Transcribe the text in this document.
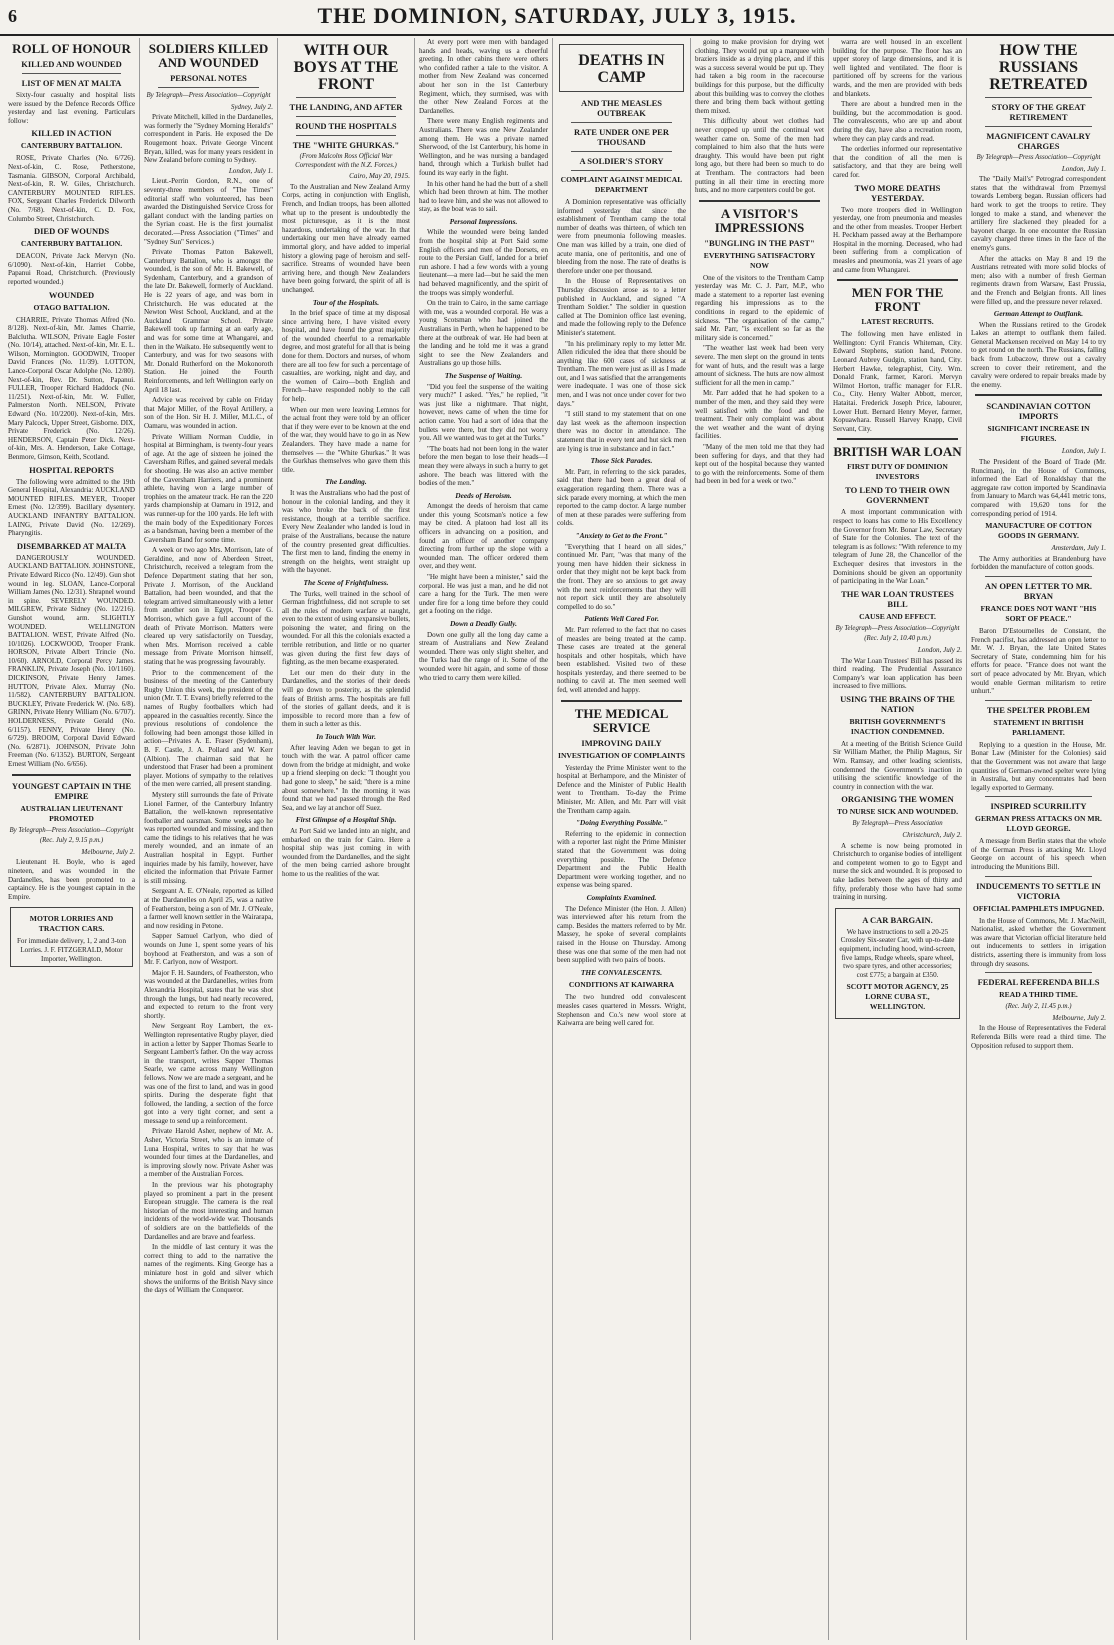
6	THE DOMINION, SATURDAY, JULY 3, 1915.
ROLL OF HONOUR
KILLED AND WOUNDED
LIST OF MEN AT MALTA

Sixty-four casualty and hospital lists were issued by the Defence Records Office yesterday and last evening. Particulars follow:

KILLED IN ACTION
CANTERBURY BATTALION.

ROSE, Private Charles (No. 6/726). Next-of-kin, C. Rose, Petherstone, Tasmania. GIBSON, Corporal Archibald, Next-of-kin, R. W. Giles, Christchurch. CANTERBURY MOUNTED RIFLES. FOX, Sergeant Charles Frederick Dilworth (No. 7/68). Next-of-kin, C. D. Fox, Columbo Street, Christchurch.

DIED OF WOUNDS
CANTERBURY BATTALION.

DEACON, Private Jack Mervyn (No. 6/1090). Next-of-kin, Harriet Cobbe, Papanui Road, Christchurch. (Previously reported wounded.)

WOUNDED
OTAGO BATTALION.

CHARRIE, Private Thomas Alfred (No. 8/128). Next-of-kin, Mr. James Charrie, Balclutha. WILSON, Private Eagle Foster (No. 10/14), attached. Next-of-kin, Mr. E. L. Wilson, Mornington. GOODWIN, Trooper David Frances (No. 11/39). LOTTON, Lance-Corporal Oscar Adolphe (No. 12/80). Next-of-kin, Rev. Dr. Sutton, Papanui. FULLER, Trooper Richard Haddock (No. 11/251). Next-of-kin, Mr. W. Fuller, Palmerston North. NELSON, Private Edward (No. 10/2200). Next-of-kin, Mrs. Mary Palcock, Upper Street, Gisborne. DIX, Private Frederick (No. 12/26). HENDERSON, Captain Peter Dick. Next-of-kin, Mrs. A. Henderson, Lake Cottage, Benmore, Gimson, Keith, Scotland.

HOSPITAL REPORTS

The following were admitted to the 19th General Hospital, Alexandria: AUCKLAND MOUNTED RIFLES. MEYER, Trooper Ernest (No. 12/399). Bacillary dysentery. AUCKLAND INFANTRY BATTALION. LAING, Private David (No. 12/269). Pharyngitis.

DISEMBARKED AT MALTA

DANGEROUSLY WOUNDED. AUCKLAND BATTALION. JOHNSTONE, Private Edward Ricco (No. 12/49). Gun shot wound in leg. SLOAN, Lance-Corporal William James (No. 12/31). Shrapnel wound in spine. SEVERELY WOUNDED. MILGREW, Private Sidney (No. 12/216). Gunshot wound, arm. SLIGHTLY WOUNDED. WELLINGTON BATTALION. WEST, Private Alfred (No. 10/1026). LOCKWOOD, Trooper Frank. HORSON, Private Albert Trincie (No. 10/60). ARNOLD, Corporal Percy James. FRANKLIN, Private Joseph (No. 10/1160). DICKINSON, Private Henry James. HUTTON, Private Alex. Murray (No. 11/582). CANTERBURY BATTALION. BUCKLEY, Private Frederick W. (No. 6/8). GRINN, Private Henry William (No. 6/707). HOLDERNESS, Private Gerald (No. 6/1157). FENNY, Private Henry (No. 6/729). BROOM, Corporal David Edward (No. 6/2871). JOHNSON, Private John Freeman (No. 6/1352). BURTON, Sergeant Ernest William (No. 6/656).

YOUNGEST CAPTAIN IN THE EMPIRE
AUSTRALIAN LIEUTENANT PROMOTED
By Telegraph—Press Association—Copyright
(Rec. July 2, 9.15 p.m.)
Melbourne, July 2.

Lieutenant H. Boyle, who is aged nineteen, and was wounded in the Dardanelles, has been promoted to a captaincy. He is the youngest captain in the Empire.

MOTOR LORRIES AND TRACTION CARS.
For immediate delivery, 1, 2 and 3-ton Lorries. J. F. FITZGERALD, Motor Importer, Wellington.
SOLDIERS KILLED AND WOUNDED
PERSONAL NOTES
By Telegraph—Press Association—Copyright
Sydney, July 2.

Private Mitchell, killed in the Dardanelles, was formerly the "Sydney Morning Herald's" correspondent in Paris. He exposed the De Rougemont hoax. Private George Vincent Bryan, killed, was for many years resident in New Zealand before coming to Sydney.

London, July 1.

Lieut.-Perrin Gordon, R.N., one of seventy-three members of "The Times" editorial staff who volunteered, has been awarded the Distinguished Service Cross for gallant conduct with the landing parties on the Syrian coast. He is the first journalist decorated.—Press Association ("Times" and "Sydney Sun" Services.)

Private Thomas Patton Bakewell, Canterbury Battalion, who is amongst the wounded, is the son of Mr. H. Bakewell, of Sydenham, Canterbury, and a grandson of the late Dr. Bakewell, formerly of Auckland. He is 22 years of age, and was born in Christchurch. He was educated at the Newton West School, Auckland, and at the Auckland Grammar School. Private Bakewell took up farming at an early age, and was for some time at Whangarei, and then in the Waikato. He subsequently went to Canterbury, and was for two seasons with Mr. Donald Rutherford on the Mokonoroth Station. He joined the Fourth Reinforcements, and left Wellington early on April 18 last.

Advice was received by cable on Friday that Major Miller, of the Royal Artillery, a son of the Hon. Sir H. J. Miller, M.L.C., of Oamaru, was wounded in action.

Private William Norman Cuddie, in hospital at Birmingham, is twenty-four years of age. At the age of sixteen he joined the Caversham Rifles, and gained several medals for shooting. He was also an active member of the Caversham Harriers, and a prominent athlete, having won a large number of trophies on the amateur track. He ran the 220 yards championship at Oamaru in 1912, and was runner-up for the 100 yards. He left with the main body of the Expeditionary Forces as a bandsman, having been a member of the Caversham Band for some time.

A week or two ago Mrs. Morrison, late of Geraldine, and now of Aberdeen Street, Christchurch, received a telegram from the Defence Department stating that her son, Private J. Morrison, of the Auckland Battalion, had been wounded, and that the telegram arrived simultaneously with a letter from another son in Egypt, Trooper G. Morrison, which gave a full account of the death of Private Morrison. Matters were cleared up very satisfactorily on Tuesday, when Mrs. Morrison received a cable message from Private Morrison himself, stating that he was progressing favourably.

Prior to the commencement of the business of the meeting of the Canterbury Rugby Union this week, the president of the union (Mr. T. T. Evans) briefly referred to the names of Rugby footballers which had appeared in the casualties recently. Since the previous resolutions of condolence the following had been amongst those killed in action—Privates A. E. Fraser (Sydenham), B. F. Castle, J. A. Pollard and W. Kerr (Albion). The chairman said that he understood that Fraser had been a prominent player. Motions of sympathy to the relatives of the men were carried, all present standing.

Mystery still surrounds the fate of Private Lionel Farmer, of the Canterbury Infantry Battalion, the well-known representative footballer and oarsman. Some weeks ago he was reported wounded and missing, and then came the tidings to his relatives that he was merely wounded, and an inmate of an Australian hospital in Egypt. Further inquiries made by his family, however, have elicited the information that Private Farmer is still missing.

Sergeant A. E. O'Neale, reported as killed at the Dardanelles on April 25, was a native of Featherston, being a son of Mr. J. O'Neale, a farmer well known settler in the Wairarapa, and now residing in Petone.

Sapper Samuel Carlyon, who died of wounds on June 1, spent some years of his boyhood at Featherston, and was a son of Mr. F. Carlyon, now of Westport.

Major F. H. Saunders, of Featherston, who was wounded at the Dardanelles, writes from Alexandria Hospital, states that he was shot through the lungs, but had nearly recovered, and expected to return to the front very shortly.

New Sergeant Roy Lambert, the ex-Wellington representative Rugby player, died in action a letter by Sapper Thomas Searle to Sergeant Lambert's father. On the way across in the transport, writes Sapper Thomas Searle, we came across many Wellington fellows. Now we are made a sergeant, and he was one of the first to land, and was in good spirits. During the desperate fight that followed, the landing, a section of the force got into a very tight corner, and sent a message to send up a reinforcement.

Private Harold Asher, nephew of Mr. A. Asher, Victoria Street, who is an inmate of Luna Hospital, writes to say that he was wounded four times at the Dardanelles, and is improving slowly now. Private Asher was a member of the Australian Forces.

In the previous war his photography played so prominent a part in the present European struggle. The camera is the real historian of the most interesting and human incidents of the world-wide war. Thousands of soldiers are on the battlefields of the Dardanelles and are brave and fearless.

In the middle of last century it was the correct thing to add to the narrative the names of the regiments. King George has a miniature host in gold and silver which shows the uniforms of the British Navy since the days of William the Conqueror.

WITH OUR BOYS AT THE FRONT
THE LANDING, AND AFTER
ROUND THE HOSPITALS
THE "WHITE GHURKAS."
(From Malcolm Ross Official War Correspondent with the N.Z. Forces.)
Cairo, May 20, 1915.

To the Australian and New Zealand Army Corps, acting in conjunction with English, French, and Indian troops, has been allotted what up to the present is undoubtedly the most picturesque, as it is the most hazardous, undertaking of the war. In that undertaking our men have already earned immortal glory, and have added to imperial history a glowing page of heroism and self-sacrifice. Streams of wounded have been arriving here, and though New Zealanders have been going forward, the spirit of all is unchanged.

Tour of the Hospitals.

In the brief space of time at my disposal since arriving here, I have visited every hospital, and have found the great majority of the wounded cheerful to a remarkable degree, and most grateful for all that is being done for them. Doctors and nurses, of whom there are all too few for such a percentage of casualties, are working, night and day, and the women of Cairo—both English and French—have responded nobly to the call for help.

When our men were leaving Lemnos for the actual front they were told by an officer that if they were ever to be known at the end of the war, they would have to go in as New Zealanders. They have made a name for themselves — the "White Ghurkas." It was the Gurkhas themselves who gave them this title.

The Landing.

It was the Australians who had the post of honour in the colonial landing, and they it was who broke the back of the first resistance, though at a terrible sacrifice. Every New Zealander who landed is loud in praise of the Australians, because the nature of the country presented great difficulties. The first men to land, finding the enemy in strength on the heights, went straight up with the bayonet.

The Scene of Frightfulness.

The Turks, well trained in the school of German frightfulness, did not scruple to set all the rules of modern warfare at naught, even to the extent of using expansive bullets, poisoning the water, and firing on the wounded. For all this the colonials exacted a terrible retribution, and little or no quarter was given during the first few days of fighting, as the men became exasperated.

Let our men do their duty in the Dardanelles, and the stories of their deeds will go down to posterity, as the splendid feats of British arms. The hospitals are full of the stories of gallant deeds, and it is impossible to record more than a few of them in such a letter as this.

In Touch With War.

After leaving Aden we began to get in touch with the war. A patrol officer came down from the bridge at midnight, and woke up a friend sleeping on deck: "I thought you had gone to sleep," he said; "there is a mine about somewhere." In the morning it was found that we had passed through the Red Sea, and we lay at anchor off Suez.

First Glimpse of a Hospital Ship.

At Port Said we landed into an night, and embarked on the train for Cairo. Here a hospital ship was just coming in with wounded from the Dardanelles, and the sight of the men being carried ashore brought home to us the realities of the war.

At every port were men with bandaged hands and heads, waving us a cheerful greeting. In other cabins there were others who confided rather a tale to the visitor. A mother from New Zealand was concerned about her son in the 1st Canterbury Regiment, which, they surmised, was with the other New Zealand Forces at the Dardanelles.

There were many English regiments and Australians. There was one New Zealander among them. He was a private named Sherwood, of the 1st Canterbury, his home in Wellington, and he was nursing a bandaged hand, through which a Turkish bullet had found its way early in the fight.

In his other hand he had the butt of a shell which had been thrown at him. The mother had to leave him, and she was not allowed to stay, as the boat was to sail.

Personal Impressions.

While the wounded were being landed from the hospital ship at Port Said some English officers and men of the Dorsets, en route to the Persian Gulf, landed for a brief run ashore. I had a few words with a young lieutenant—a mere lad—but he said the men had behaved magnificently, and the spirit of the troops was simply wonderful.

On the train to Cairo, in the same carriage with me, was a wounded corporal. He was a young Scotsman who had joined the Australians in Perth, when he happened to be there at the outbreak of war. He had been at the landing and he told me it was a grand sight to see the New Zealanders and Australians go up those hills.

The Suspense of Waiting.

"Did you feel the suspense of the waiting very much?" I asked. "Yes," he replied, "it was just like a nightmare. That night, however, news came of when the time for action came. You had a sort of idea that the bullets were there, but they did not worry you. All we wanted was to get at the Turks."

"The boats had not been long in the water before the men began to lose their heads—I mean they were always in such a hurry to get ashore. The beach was littered with the bodies of the men."

Deeds of Heroism.

Amongst the deeds of heroism that came under this young Scotsman's notice a few may be cited. A platoon had lost all its officers in advancing on a position, and found an officer of another company directing from further up the slope with a wounded man. The officer ordered them over, and they went.

"He might have been a minister," said the corporal. He was just a man, and he did not care a hang for the Turk. The men were under fire for a long time before they could get a footing on the ridge.

Down a Deadly Gully.

Down one gully all the long day came a stream of Australians and New Zealand wounded. There was only slight shelter, and the Turks had the range of it. Some of the wounded were hit again, and some of those who tried to carry them were killed.

DEATHS IN CAMP
AND THE MEASLES OUTBREAK
RATE UNDER ONE PER THOUSAND
A SOLDIER'S STORY
COMPLAINT AGAINST MEDICAL DEPARTMENT

A Dominion representative was officially informed yesterday that since the establishment of Trentham camp the total number of deaths was thirteen, of which ten were from pneumonia following measles. One man was killed by a train, one died of acute mania, one of peritonitis, and one of bleeding from the nose. The rate of deaths is therefore under one per thousand.

In the House of Representatives on Thursday discussion arose as to a letter published in Auckland, and signed "A Trentham Soldier." The soldier in question called at The Dominion office last evening, and made the following reply to the Defence Minister's statement.

"In his preliminary reply to my letter Mr. Allen ridiculed the idea that there should be anything like 600 cases of sickness at Trentham. The men were just as ill as I made out, and I was satisfied that the arrangements were inadequate. I was one of those sick men, and I was not once under cover for two days."

"I still stand to my statement that on one day last week as the afternoon inspection there was no doctor in attendance. The statement that in every tent and hut sick men are lying is true in substance and in fact."

Those Sick Parades.

Mr. Parr, in referring to the sick parades, said that there had been a great deal of exaggeration regarding them. There was a sick parade every morning, at which the men reported to the camp doctor. A large number of men at these parades were suffering from colds.

"Anxiety to Get to the Front."

"Everything that I heard on all sides," continued Mr. Parr, "was that many of the young men have hidden their sickness in order that they might not be kept back from the front. They are so anxious to get away with the next reinforcements that they will not report sick until they are absolutely compelled to do so."

Patients Well Cared For.

Mr. Parr referred to the fact that no cases of measles are being treated at the camp. These cases are treated at the general hospitals and other hospitals, which have been established. Visited two of these hospitals yesterday, and there seemed to be nothing to cavil at. The men seemed well fed, well attended and happy.

THE MEDICAL SERVICE
IMPROVING DAILY
INVESTIGATION OF COMPLAINTS

Yesterday the Prime Minister went to the hospital at Berhampore, and the Minister of Defence and the Minister of Public Health went to Trentham. To-day the Prime Minister, Mr. Allen, and Mr. Parr will visit the Trentham camp again.

"Doing Everything Possible."

Referring to the epidemic in connection with a reporter last night the Prime Minister stated that the Government was doing everything possible. The Defence Department and the Public Health Department were working together, and no expense was being spared.

Complaints Examined.

The Defence Minister (the Hon. J. Allen) was interviewed after his return from the camp. Besides the matters referred to by Mr. Massey, he spoke of several complaints raised in the House on Thursday. Among these was one that some of the men had not been supplied with two pairs of boots.

THE CONVALESCENTS.
CONDITIONS AT KAIWARRA

The two hundred odd convalescent measles cases quartered in Messrs. Wright, Stephenson and Co.'s new wool store at Kaiwarra are being well cared for.

going to make provision for drying wet clothing. They would put up a marquee with braziers inside as a drying place, and if this was a success several would be put up. They had taken a big room in the racecourse buildings for this purpose, but the difficulty about this building was to convey the clothes there and bring them back without getting them mixed.

This difficulty about wet clothes had never cropped up until the continual wet weather came on. Some of the men had complained to him also that the huts were draughty. This would have been put right long ago, but there had been so much to do at Trentham. The contractors had been putting in all their time in erecting more huts, and no more carpenters could be got.

A VISITOR'S IMPRESSIONS
"BUNGLING IN THE PAST"
EVERYTHING SATISFACTORY NOW

One of the visitors to the Trentham Camp yesterday was Mr. C. J. Parr, M.P., who made a statement to a reporter last evening regarding his impressions as to the conditions in regard to the epidemic of sickness. "The organisation of the camp," said Mr. Parr, "is excellent so far as the military side is concerned."

"The weather last week had been very severe. The men slept on the ground in tents for want of huts, and the result was a large amount of sickness. The huts are now almost sufficient for all the men in camp."

Mr. Parr added that he had spoken to a number of the men, and they said they were well satisfied with the food and the treatment. Their only complaint was about the wet weather and the want of drying facilities.

"Many of the men told me that they had been suffering for days, and that they had kept out of the hospital because they wanted to go with the reinforcements. Some of them had been in bed for a week or two."

warra are well housed in an excellent building for the purpose. The floor has an upper storey of large dimensions, and it is well lighted and ventilated. The floor is partitioned off by screens for the various wards, and the men are provided with beds and blankets.

There are about a hundred men in the building, but the accommodation is good. The convalescents, who are up and about during the day, have also a recreation room, where they can play cards and read.

The orderlies informed our representative that the condition of all the men is satisfactory, and that they are being well cared for.

TWO MORE DEATHS YESTERDAY.

Two more troopers died in Wellington yesterday, one from pneumonia and measles and the other from measles. Trooper Herbert H. Peckham passed away at the Berhampore Hospital in the morning. Deceased, who had been suffering from a complication of measles and pneumonia, was 21 years of age and came from Whangarei.

MEN FOR THE FRONT
LATEST RECRUITS.

The following men have enlisted in Wellington: Cyril Francis Whiteman, City. Edward Stephens, station hand, Petone. Leonard Aubrey Gudgin, station hand, City. Herbert Hawke, telegraphist, City. Wm. Donald Frank, farmer, Karori. Mervyn Wilmot Horton, traffic manager for F.I.R. Co., City. Henry Walter Abbott, mercer, Hataitai. Frederick Joseph Price, labourer, Lower Hutt. Bernard Henry Meyer, farmer, Kopuawhara. Russell Harvey Knapp, Civil Servant, City.

BRITISH WAR LOAN
FIRST DUTY OF DOMINION INVESTORS
TO LEND TO THEIR OWN GOVERNMENT

A most important communication with respect to loans has come to His Excellency the Governor from Mr. Bonar Law, Secretary of State for the Colonies. The text of the telegram is as follows: "With reference to my telegram of June 28, the Chancellor of the Exchequer desires that investors in the Dominions should be given an opportunity of participating in the War Loan."

THE WAR LOAN TRUSTEES BILL
CAUSE AND EFFECT.
By Telegraph—Press Association—Copyright
(Rec. July 2, 10.40 p.m.)
London, July 2.

The War Loan Trustees' Bill has passed its third reading. The Prudential Assurance Company's war loan application has been increased to five millions.

USING THE BRAINS OF THE NATION
BRITISH GOVERNMENT'S INACTION CONDEMNED.

At a meeting of the British Science Guild Sir William Mather, the Philip Magnus, Sir Wm. Ramsay, and other leading scientists, condemned the Government's inaction in utilising the scientific knowledge of the country in connection with the war.

ORGANISING THE WOMEN
TO NURSE SICK AND WOUNDED.
By Telegraph—Press Association
Christchurch, July 2.

A scheme is now being promoted in Christchurch to organise bodies of intelligent and competent women to go to Egypt and nurse the sick and wounded. It is proposed to take ladies between the ages of thirty and fifty, preferably those who have had some training in nursing.

A CAR BARGAIN.
We have instructions to sell a 20-25 Crossley Six-seater Car, with up-to-date equipment, including hood, wind-screen, five lamps, Rudge wheels, spare wheel, two spare tyres, and other accessories; cost £775; a bargain at £350.
SCOTT MOTOR AGENCY, 25 LORNE CUBA ST., WELLINGTON.
HOW THE RUSSIANS RETREATED
STORY OF THE GREAT RETIREMENT
MAGNIFICENT CAVALRY CHARGES
By Telegraph—Press Association—Copyright
London, July 1.

The "Daily Mail's" Petrograd correspondent states that the withdrawal from Przemysl towards Lemberg began. Russian officers had hard work to get the troops to retire. They longed to make a stand, and whenever the artillery fire slackened they pleaded for a bayonet charge. In one encounter the Russian cavalry charged three times in the face of the enemy's guns.

After the attacks on May 8 and 19 the Austrians retreated with more solid blocks of men; also with a number of fresh German regiments drawn from Warsaw, East Prussia, and the French and Belgian fronts. All lines were filled up, and the pressure never relaxed.

German Attempt to Outflank.

When the Russians retired to the Grodek Lakes an attempt to outflank them failed. General Mackensen received on May 14 to try to get round on the north. The Russians, falling back from Lubaczow, threw out a cavalry screen to cover their retirement, and the cavalry were ordered to repair breaks made by the enemy.

SCANDINAVIAN COTTON IMPORTS
SIGNIFICANT INCREASE IN FIGURES.
London, July 1.

The President of the Board of Trade (Mr. Runciman), in the House of Commons, informed the Earl of Ronaldshay that the aggregate raw cotton imported by Scandinavia from January to March was 64,441 metric tons, compared with 19,620 tons for the corresponding period of 1914.

MANUFACTURE OF COTTON GOODS IN GERMANY.
Amsterdam, July 1.

The Army authorities at Brandenburg have forbidden the manufacture of cotton goods.

AN OPEN LETTER TO MR. BRYAN
FRANCE DOES NOT WANT "HIS SORT OF PEACE."

Baron D'Estournelles de Constant, the French pacifist, has addressed an open letter to Mr. W. J. Bryan, the late United States Secretary of State, condemning him for his efforts for peace. "France does not want the sort of peace advocated by Mr. Bryan, which would enable German militarism to retire unhurt."

THE SPELTER PROBLEM
STATEMENT IN BRITISH PARLIAMENT.

Replying to a question in the House, Mr. Bonar Law (Minister for the Colonies) said that the Government was not aware that large quantities of German-owned spelter were lying in Australia, but any concentrates had been legally exported to Germany.

INSPIRED SCURRILITY
GERMAN PRESS ATTACKS ON MR. LLOYD GEORGE.

A message from Berlin states that the whole of the German Press is attacking Mr. Lloyd George on account of his speech when introducing the Munitions Bill.

INDUCEMENTS TO SETTLE IN VICTORIA
OFFICIAL PAMPHLETS IMPUGNED.

In the House of Commons, Mr. J. MacNeill, Nationalist, asked whether the Government was aware that Victorian official literature held out inducements to settlers in irrigation districts, asserting there is immunity from loss through dry seasons.

FEDERAL REFERENDA BILLS
READ A THIRD TIME.
(Rec. July 2, 11.45 p.m.)
Melbourne, July 2.

In the House of Representatives the Federal Referenda Bills were read a third time. The Opposition refused to support them.
